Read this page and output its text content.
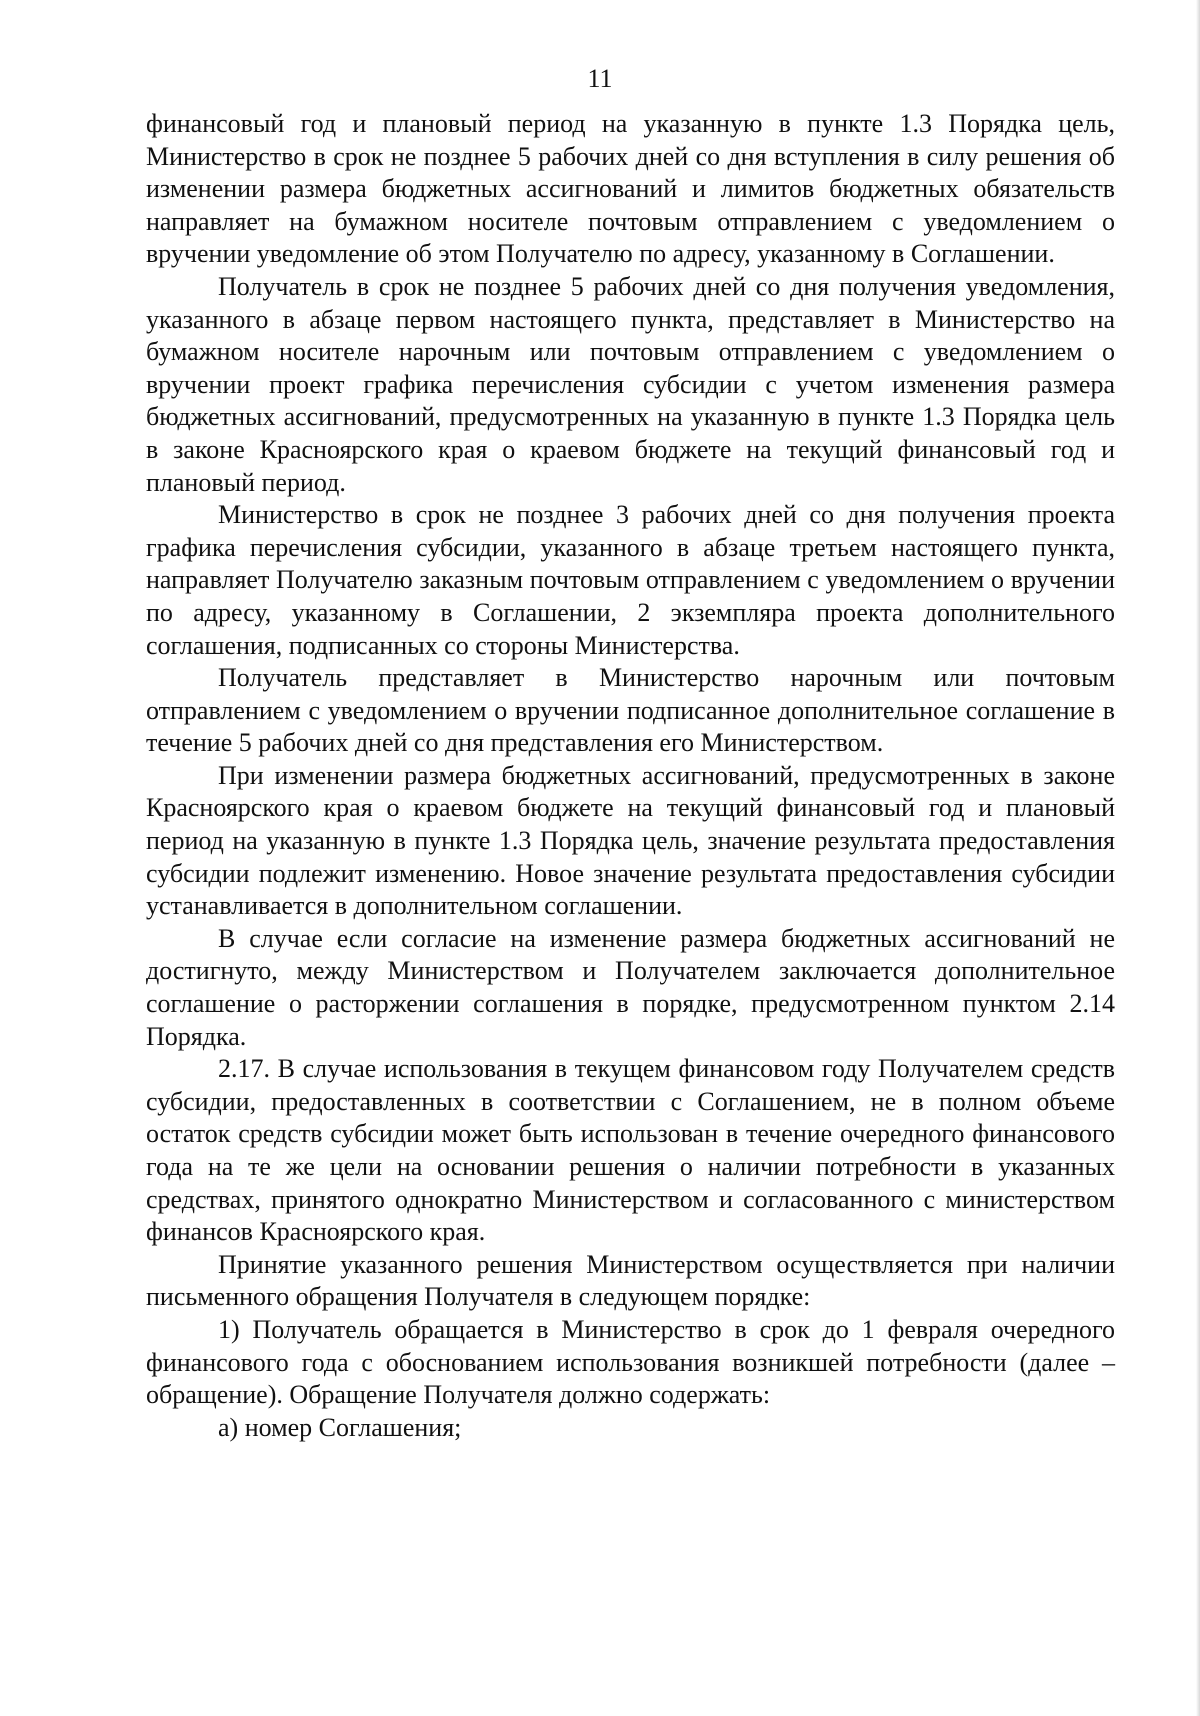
11

финансовый год и плановый период на указанную в пункте 1.3 Порядка цель, Министерство в срок не позднее 5 рабочих дней со дня вступления в силу решения об изменении размера бюджетных ассигнований и лимитов бюджетных обязательств направляет на бумажном носителе почтовым отправлением с уведомлением о вручении уведомление об этом Получателю по адресу, указанному в Соглашении.

Получатель в срок не позднее 5 рабочих дней со дня получения уведомления, указанного в абзаце первом настоящего пункта, представляет в Министерство на бумажном носителе нарочным или почтовым отправлением с уведомлением о вручении проект графика перечисления субсидии с учетом изменения размера бюджетных ассигнований, предусмотренных на указанную в пункте 1.3 Порядка цель в законе Красноярского края о краевом бюджете на текущий финансовый год и плановый период.

Министерство в срок не позднее 3 рабочих дней со дня получения проекта графика перечисления субсидии, указанного в абзаце третьем настоящего пункта, направляет Получателю заказным почтовым отправлением с уведомлением о вручении по адресу, указанному в Соглашении, 2 экземпляра проекта дополнительного соглашения, подписанных со стороны Министерства.

Получатель представляет в Министерство нарочным или почтовым отправлением с уведомлением о вручении подписанное дополнительное соглашение в течение 5 рабочих дней со дня представления его Министерством.

При изменении размера бюджетных ассигнований, предусмотренных в законе Красноярского края о краевом бюджете на текущий финансовый год и плановый период на указанную в пункте 1.3 Порядка цель, значение результата предоставления субсидии подлежит изменению. Новое значение результата предоставления субсидии устанавливается в дополнительном соглашении.

В случае если согласие на изменение размера бюджетных ассигнований не достигнуто, между Министерством и Получателем заключается дополнительное соглашение о расторжении соглашения в порядке, предусмотренном пунктом 2.14 Порядка.

2.17. В случае использования в текущем финансовом году Получателем средств субсидии, предоставленных в соответствии с Соглашением, не в полном объеме остаток средств субсидии может быть использован в течение очередного финансового года на те же цели на основании решения о наличии потребности в указанных средствах, принятого однократно Министерством и согласованного с министерством финансов Красноярского края.

Принятие указанного решения Министерством осуществляется при наличии письменного обращения Получателя в следующем порядке:

1) Получатель обращается в Министерство в срок до 1 февраля очередного финансового года с обоснованием использования возникшей потребности (далее – обращение). Обращение Получателя должно содержать:

а) номер Соглашения;
